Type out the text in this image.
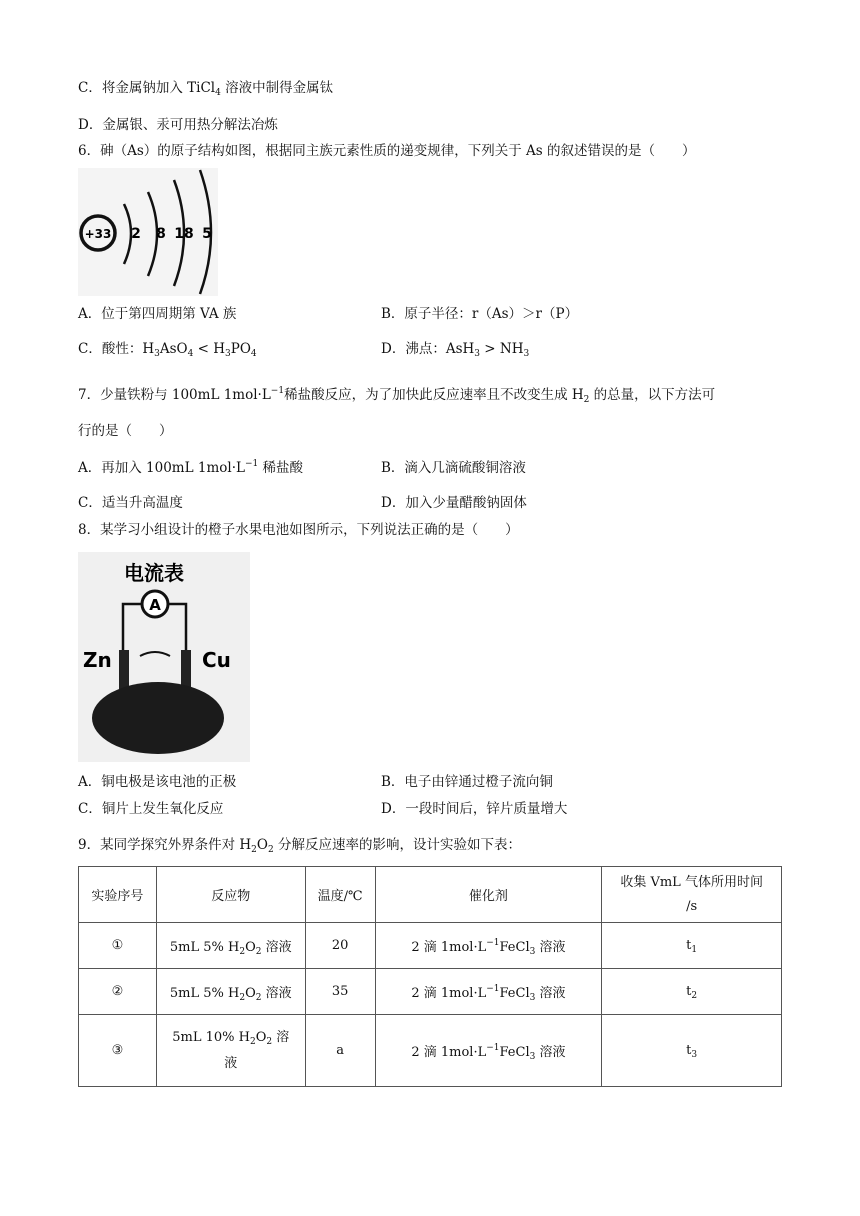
C．将金属钠加入 TiCl$_4$ 溶液中制得金属钛
D．金属银、汞可用热分解法冶炼
6．砷（As）的原子结构如图，根据同主族元素性质的递变规律，下列关于 As 的叙述错误的是（　　）
+33 2 8 18 5
A．位于第四周期第 VA 族	B．原子半径：r（As）＞r（P）
C．酸性：$H_3AsO_4 < H_3PO_4$	D．沸点：$AsH_3 > NH_3$
7．少量铁粉与 100mL $1mol\cdot L^{-1}$稀盐酸反应，为了加快此反应速率且不改变生成 $H_2$ 的总量，以下方法可
行的是（　　）
A．再加入 100mL $1mol\cdot L^{-1}$ 稀盐酸	B．滴入几滴硫酸铜溶液
C．适当升高温度	D．加入少量醋酸钠固体
8．某学习小组设计的橙子水果电池如图所示，下列说法正确的是（　　）
电流表
A
Zn	Cu
A．铜电极是该电池的正极	B．电子由锌通过橙子流向铜
C．铜片上发生氧化反应	D．一段时间后，锌片质量增大
9．某同学探究外界条件对 $H_2O_2$ 分解反应速率的影响，设计实验如下表：
实验序号	反应物	温度/℃	催化剂	收集 VmL 气体所用时间
/s
①	5mL 5% $H_2O_2$ 溶液	20	2 滴 $1mol\cdot L^{-1}FeCl_3$ 溶液	$t_1$
②	5mL 5% $H_2O_2$ 溶液	35	2 滴 $1mol\cdot L^{-1}FeCl_3$ 溶液	$t_2$
③	5mL 10% $H_2O_2$ 溶
液	a	2 滴 $1mol\cdot L^{-1}FeCl_3$ 溶液	$t_3$
